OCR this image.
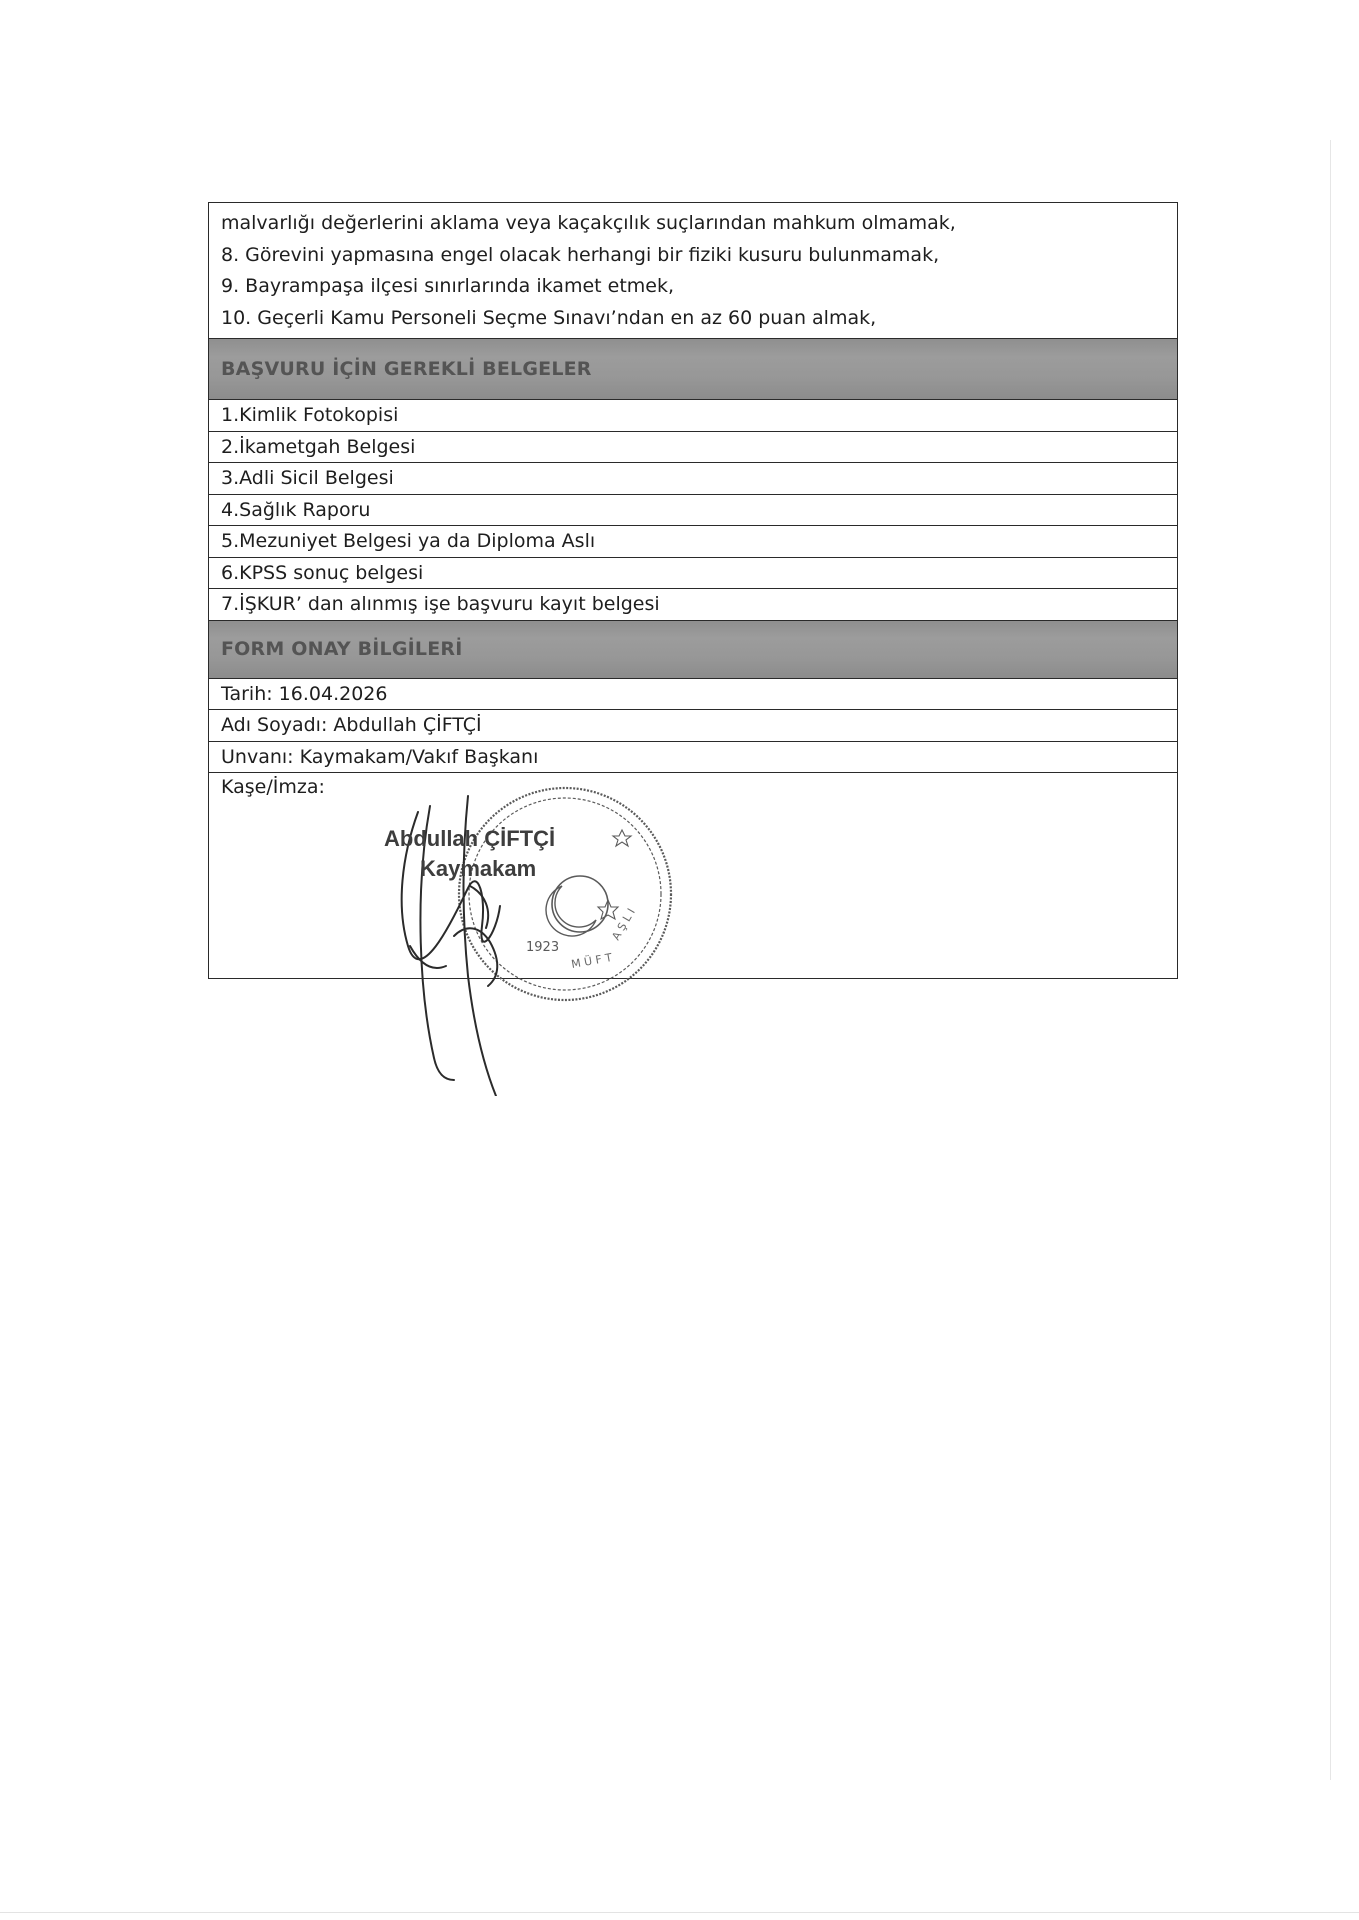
malvarlığı değerlerini aklama veya kaçakçılık suçlarından mahkum olmamak,
8. Görevini yapmasına engel olacak herhangi bir fiziki kusuru bulunmamak,
9. Bayrampaşa ilçesi sınırlarında ikamet etmek,
10. Geçerli Kamu Personeli Seçme Sınavı’ndan en az 60 puan almak,
BAŞVURU İÇİN GEREKLİ BELGELER
1.Kimlik Fotokopisi
2.İkametgah Belgesi
3.Adli Sicil Belgesi
4.Sağlık Raporu
5.Mezuniyet Belgesi ya da Diploma Aslı
6.KPSS sonuç belgesi
7.İŞKUR’ dan alınmış işe başvuru kayıt belgesi
FORM ONAY BİLGİLERİ
Tarih: 16.04.2026
Adı Soyadı: Abdullah ÇİFTÇİ
Unvanı: Kaymakam/Vakıf Başkanı
Kaşe/İmza:
1923
M Ü F T
A Ş L I
Abdullah ÇİFTÇİ
Kaymakam
